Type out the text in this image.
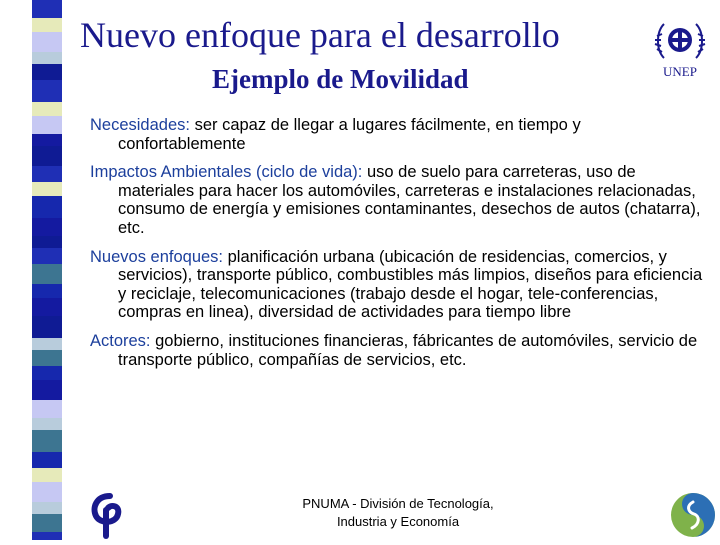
Nuevo enfoque para el desarrollo
Ejemplo de Movilidad	UNEP

Necesidades: ser capaz de llegar a lugares fácilmente, en tiempo y confortablemente

Impactos Ambientales (ciclo de vida): uso de suelo para carreteras, uso de materiales para hacer los automóviles, carreteras e instalaciones relacionadas, consumo de energía y emisiones contaminantes, desechos de autos (chatarra), etc.

Nuevos enfoques: planificación urbana (ubicación de residencias, comercios, y servicios), transporte público, combustibles más limpios, diseños para eficiencia y reciclaje, telecomunicaciones (trabajo desde el hogar, tele-conferencias, compras en linea), diversidad de actividades para tiempo libre

Actores: gobierno, instituciones financieras, fábricantes de automóviles, servicio de transporte público, compañías de servicios, etc.

PNUMA - División de Tecnología,
Industria y Economía
